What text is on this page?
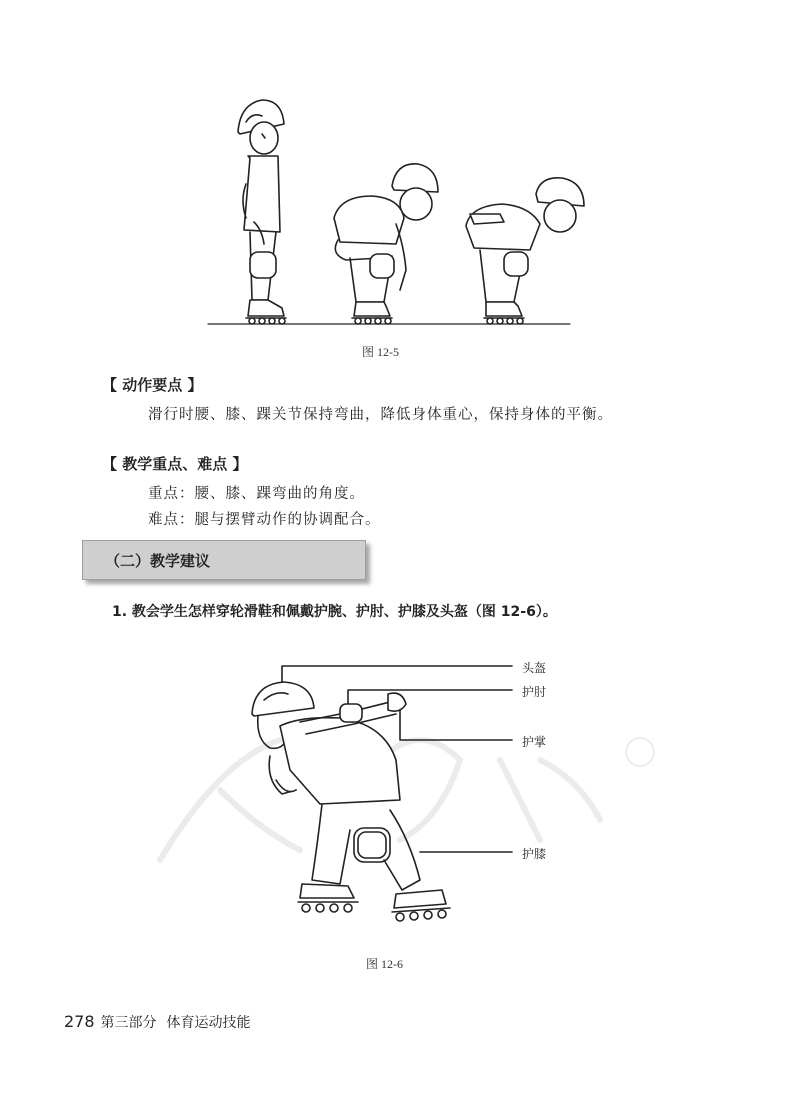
图 12-5
【 动作要点 】
滑行时腰、膝、踝关节保持弯曲，降低身体重心，保持身体的平衡。
【 教学重点、难点 】
重点：腰、膝、踝弯曲的角度。
难点：腿与摆臂动作的协调配合。
（二）教学建议
1. 教会学生怎样穿轮滑鞋和佩戴护腕、护肘、护膝及头盔（图 12-6）。
头盔
护肘
护掌
护膝
图 12-6
278 第三部分 体育运动技能
